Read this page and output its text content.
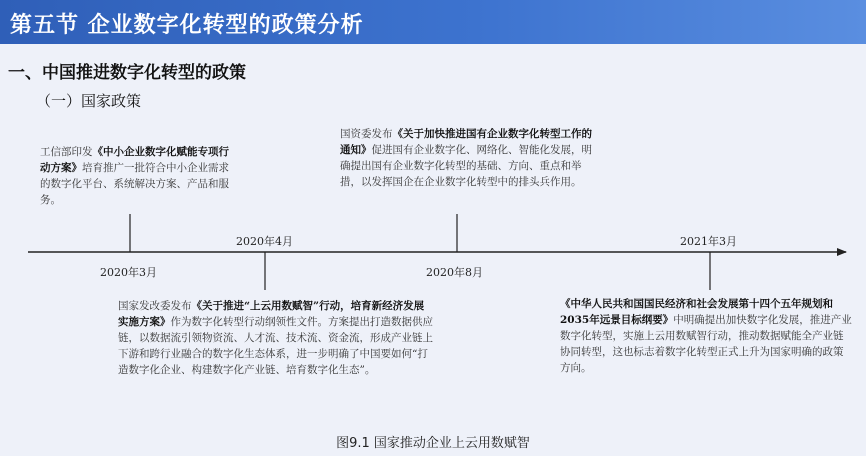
第五节 企业数字化转型的政策分析
一、中国推进数字化转型的政策
（一）国家政策
2020年3月
2020年4月
2020年8月
2021年3月
工信部印发《中小企业数字化赋能专项行动方案》培育推广一批符合中小企业需求的数字化平台、系统解决方案、产品和服务。
国家发改委发布《关于推进“上云用数赋智”行动，培育新经济发展实施方案》作为数字化转型行动纲领性文件。方案提出打造数据供应链，以数据流引领物资流、人才流、技术流、资金流，形成产业链上下游和跨行业融合的数字化生态体系，进一步明确了中国要如何“打造数字化企业、构建数字化产业链、培育数字化生态”。
国资委发布《关于加快推进国有企业数字化转型工作的通知》促进国有企业数字化、网络化、智能化发展，明确提出国有企业数字化转型的基础、方向、重点和举措，以发挥国企在企业数字化转型中的排头兵作用。
《中华人民共和国国民经济和社会发展第十四个五年规划和2035年远景目标纲要》中明确提出加快数字化发展，推进产业数字化转型，实施上云用数赋智行动，推动数据赋能全产业链协同转型，这也标志着数字化转型正式上升为国家明确的政策方向。
图9.1 国家推动企业上云用数赋智
